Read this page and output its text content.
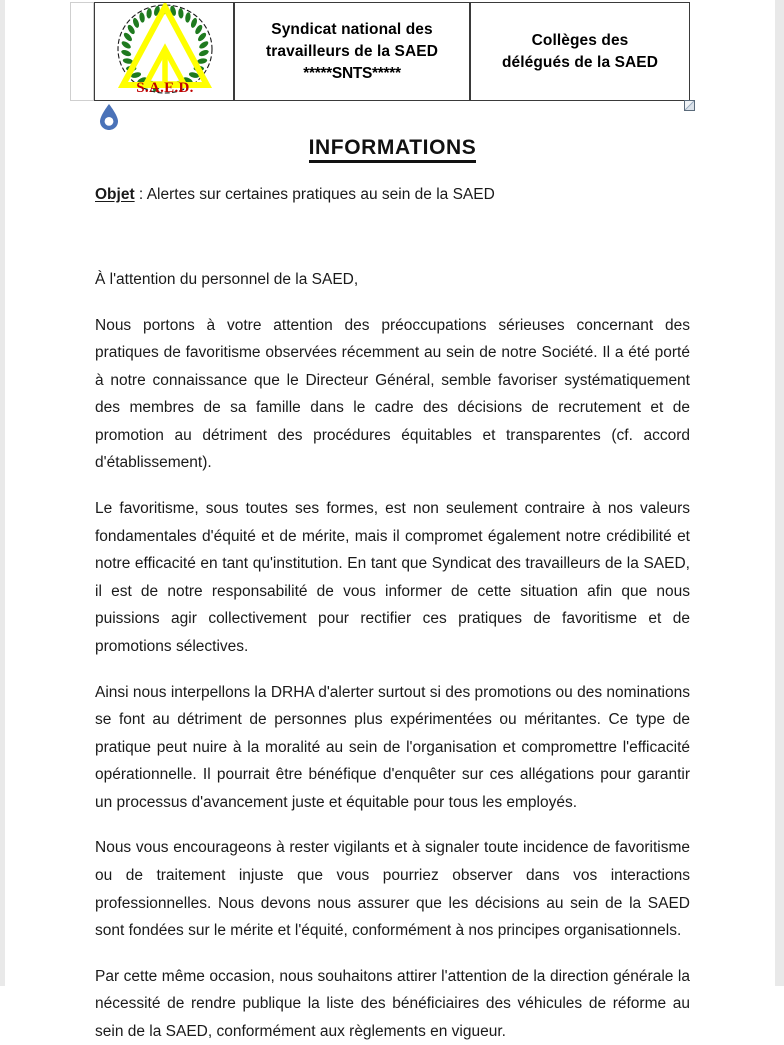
S.A.E.D.
Syndicat national des
travailleurs de la SAED
*****SNTS*****
Collèges des
délégués de la SAED
INFORMATIONS
Objet : Alertes sur certaines pratiques au sein de la SAED

À l'attention du personnel de la SAED,

Nous portons à votre attention des préoccupations sérieuses concernant des pratiques de favoritisme observées récemment au sein de notre Société. Il a été porté à notre connaissance que le Directeur Général, semble favoriser systématiquement des membres de sa famille dans le cadre des décisions de recrutement et de promotion au détriment des procédures équitables et transparentes (cf. accord d'établissement).

Le favoritisme, sous toutes ses formes, est non seulement contraire à nos valeurs fondamentales d'équité et de mérite, mais il compromet également notre crédibilité et notre efficacité en tant qu'institution. En tant que Syndicat des travailleurs de la SAED, il est de notre responsabilité de vous informer de cette situation afin que nous puissions agir collectivement pour rectifier ces pratiques de favoritisme et de promotions sélectives.

Ainsi nous interpellons la DRHA d'alerter surtout si des promotions ou des nominations se font au détriment de personnes plus expérimentées ou méritantes. Ce type de pratique peut nuire à la moralité au sein de l'organisation et compromettre l'efficacité opérationnelle. Il pourrait être bénéfique d'enquêter sur ces allégations pour garantir un processus d'avancement juste et équitable pour tous les employés.

Nous vous encourageons à rester vigilants et à signaler toute incidence de favoritisme ou de traitement injuste que vous pourriez observer dans vos interactions professionnelles. Nous devons nous assurer que les décisions au sein de la SAED sont fondées sur le mérite et l'équité, conformément à nos principes organisationnels.

Par cette même occasion, nous souhaitons attirer l'attention de la direction générale la nécessité de rendre publique la liste des bénéficiaires des véhicules de réforme au sein de la SAED, conformément aux règlements en vigueur.
